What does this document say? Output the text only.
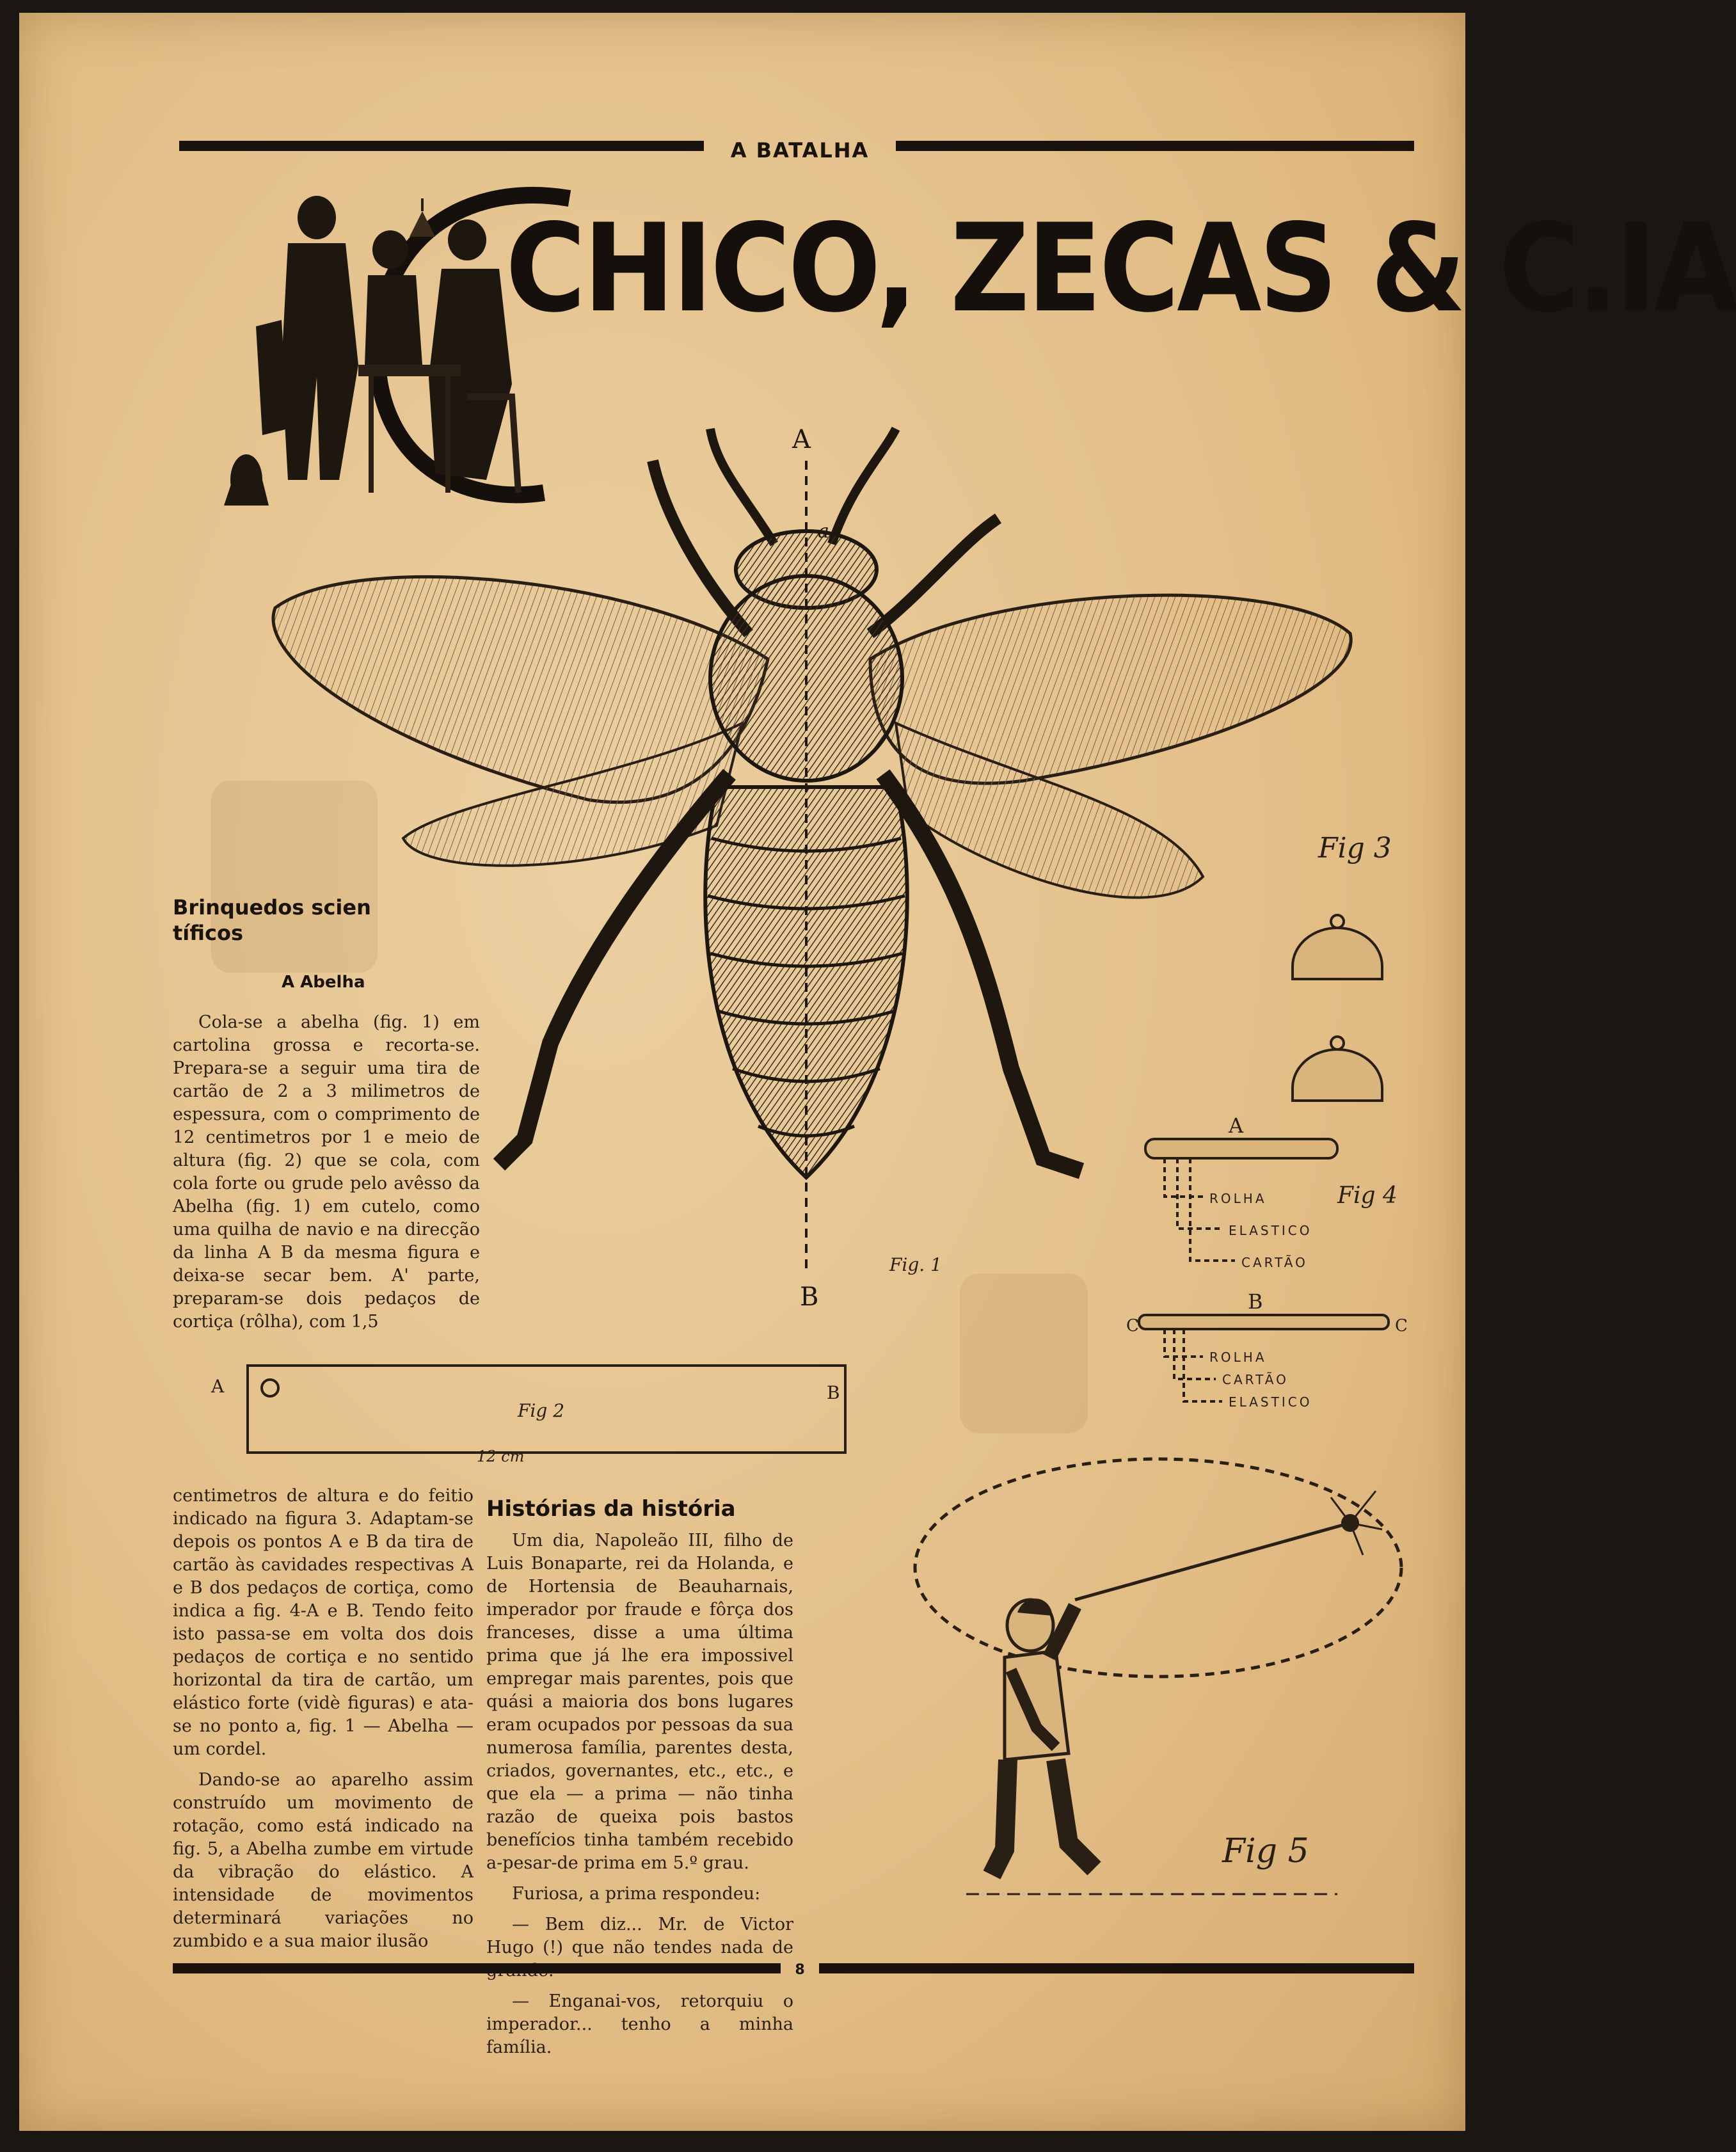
A BATALHA
CHICO, ZECAS & C.IA
A
a
B
Fig. 1
Brinquedos scien tíficos
A Abelha

Cola-se a abelha (fig. 1) em cartolina grossa e recorta-se. Prepara-se a seguir uma tira de cartão de 2 a 3 milimetros de espessura, com o comprimento de 12 centimetros por 1 e meio de altura (fig. 2) que se cola, com cola forte ou grude pelo avêsso da Abelha (fig. 1) em cutelo, como uma quilha de navio e na direcção da linha A B da mesma figura e deixa-se secar bem. A' parte, preparam-se dois pedaços de cortiça (rôlha), com 1,5

Fig 2
A	B
12 cm

centimetros de altura e do feitio indicado na figura 3. Adaptam-se depois os pontos A e B da tira de cartão às cavidades respectivas A e B dos pedaços de cortiça, como indica a fig. 4-A e B. Tendo feito isto passa-se em volta dos dois pedaços de cortiça e no sentido horizontal da tira de cartão, um elástico forte (vidè figuras) e ata-se no ponto a, fig. 1 — Abelha — um cordel.

Dando-se ao aparelho assim construído um movimento de rotação, como está indicado na fig. 5, a Abelha zumbe em virtude da vibração do elástico. A intensidade de movimentos determinará variações no zumbido e a sua maior ilusão

Histórias da história

Um dia, Napoleão III, filho de Luis Bonaparte, rei da Holanda, e de Hortensia de Beauharnais, imperador por fraude e fôrça dos franceses, disse a uma última prima que já lhe era impossivel empregar mais parentes, pois que quási a maioria dos bons lugares eram ocupados por pessoas da sua numerosa família, parentes desta, criados, governantes, etc., etc., e que ela — a prima — não tinha razão de queixa pois bastos benefícios tinha também recebido a-pesar-de prima em 5.º grau.

Furiosa, a prima respondeu:

— Bem diz... Mr. de Victor Hugo (!) que não tendes nada de

— Enganai-vos, retorquiu o imperador... tenho a minha família.

Fig 3
A
Fig 4
ROLHA
ELASTICO
CARTÃO
B
C	C
ROLHA
CARTÃO
ELASTICO
Fig 5
8
